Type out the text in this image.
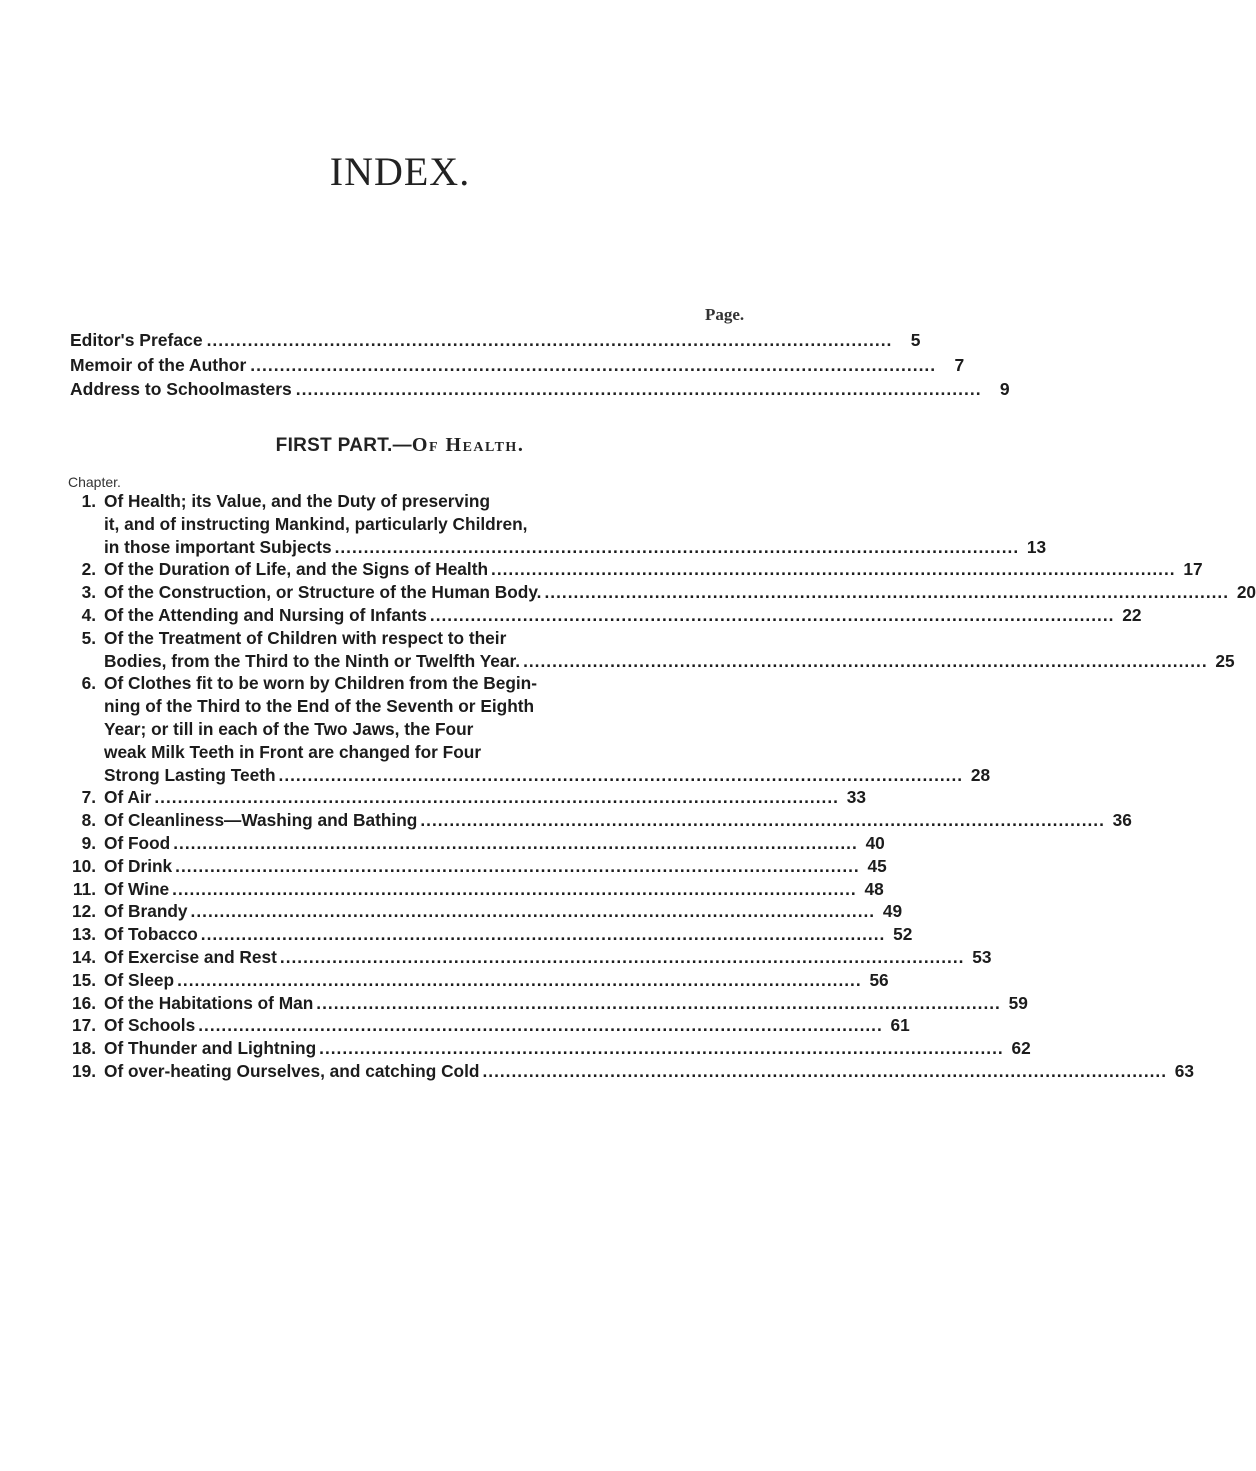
INDEX.
Page.
Editor's Preface .....	5
Memoir of the Author .....	7
Address to Schoolmasters .....	9
FIRST PART.—Of Health.
Chapter.
1. Of Health; its Value, and the Duty of preserving
it, and of instructing Mankind, particularly Children,
in those important Subjects .....	13
2. Of the Duration of Life, and the Signs of Health .....	17
3. Of the Construction, or Structure of the Human Body. .....	20
4. Of the Attending and Nursing of Infants .....	22
5. Of the Treatment of Children with respect to their
Bodies, from the Third to the Ninth or Twelfth Year. .....	25
6. Of Clothes fit to be worn by Children from the Begin-
ning of the Third to the End of the Seventh or Eighth
Year; or till in each of the Two Jaws, the Four
weak Milk Teeth in Front are changed for Four
Strong Lasting Teeth .....	28
7. Of Air .....	33
8. Of Cleanliness—Washing and Bathing .....	36
9. Of Food .....	40
10. Of Drink .....	45
11. Of Wine .....	48
12. Of Brandy .....	49
13. Of Tobacco .....	52
14. Of Exercise and Rest .....	53
15. Of Sleep .....	56
16. Of the Habitations of Man .....	59
17. Of Schools .....	61
18. Of Thunder and Lightning .....	62
19. Of over-heating Ourselves, and catching Cold .....	63
